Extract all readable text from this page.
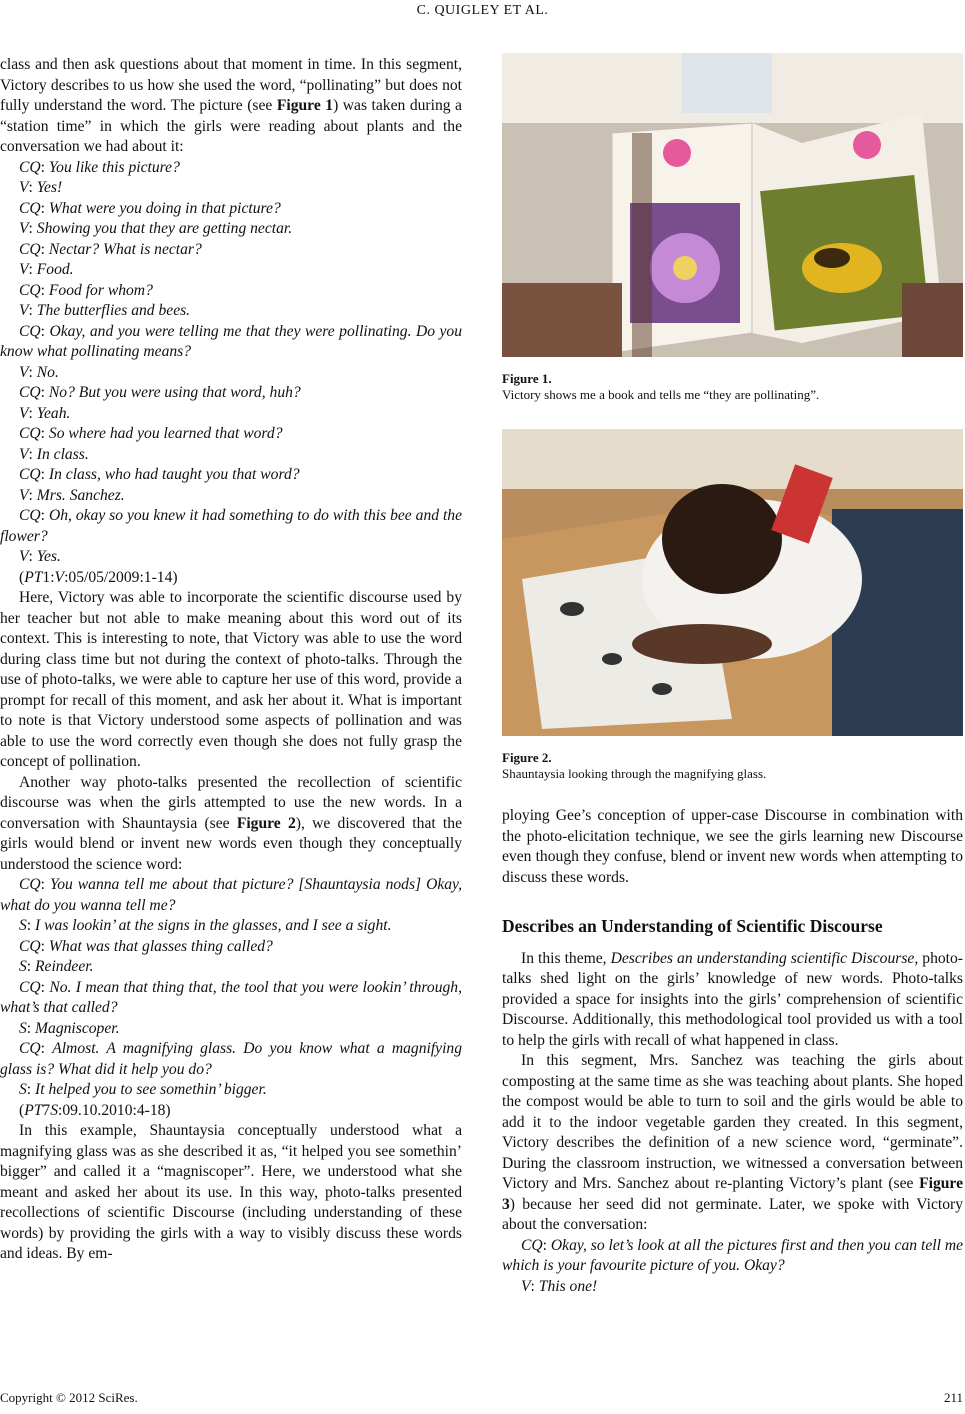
C. QUIGLEY ET AL.

class and then ask questions about that moment in time. In this segment, Victory describes to us how she used the word, “pollinating” but does not fully understand the word. The picture (see Figure 1) was taken during a “station time” in which the girls were reading about plants and the conversation we had about it:

CQ : You like this picture?
V : Yes!
CQ : What were you doing in that picture?
V : Showing you that they are getting nectar.
CQ : Nectar? What is nectar?
V : Food.
CQ : Food for whom?
V : The butterflies and bees.
CQ : Okay, and you were telling me that they were pollinating. Do you know what pollinating means?
V : No.
CQ : No? But you were using that word, huh?
V : Yeah.
CQ : So where had you learned that word?
V : In class.
CQ : In class, who had taught you that word?
V : Mrs. Sanchez.
CQ : Oh, okay so you knew it had something to do with this bee and the flower?
V : Yes.

(PT1:V:05/05/2009:1-14)

Here, Victory was able to incorporate the scientific discourse used by her teacher but not able to make meaning about this word out of its context. This is interesting to note, that Victory was able to use the word during class time but not during the context of photo-talks. Through the use of photo-talks, we were able to capture her use of this word, provide a prompt for recall of this moment, and ask her about it. What is important to note is that Victory understood some aspects of pollination and was able to use the word correctly even though she does not fully grasp the concept of pollination.

Another way photo-talks presented the recollection of scientific discourse was when the girls attempted to use the new words. In a conversation with Shauntaysia (see Figure 2), we discovered that the girls would blend or invent new words even though they conceptually understood the science word:

CQ : You wanna tell me about that picture? [Shauntaysia nods] Okay, what do you wanna tell me?
S : I was lookin’ at the signs in the glasses, and I see a sight.
CQ : What was that glasses thing called?
S : Reindeer.
CQ : No. I mean that thing that, the tool that you were lookin’ through, what’s that called?
S : Magniscoper.
CQ : Almost. A magnifying glass. Do you know what a magnifying glass is? What did it help you do?
S : It helped you to see somethin’ bigger.

(PT7S:09.10.2010:4-18)

In this example, Shauntaysia conceptually understood what a magnifying glass was as she described it as, “it helped you see somethin’ bigger” and called it a “magniscoper”. Here, we understood what she meant and asked her about its use. In this way, photo-talks presented recollections of scientific Discourse (including understanding of these words) by providing the girls with a way to visibly discuss these words and ideas. By em-

Figure 1.
Victory shows me a book and tells me “they are pollinating”.
Figure 2.
Shauntaysia looking through the magnifying glass.

ploying Gee’s conception of upper-case Discourse in combination with the photo-elicitation technique, we see the girls learning new Discourse even though they confuse, blend or invent new words when attempting to discuss these words.

Describes an Understanding of Scientific Discourse

In this theme, Describes an understanding scientific Discourse, photo-talks shed light on the girls’ knowledge of new words. Photo-talks provided a space for insights into the girls’ comprehension of scientific Discourse. Additionally, this methodological tool provided us with a tool to help the girls with recall of what happened in class.

In this segment, Mrs. Sanchez was teaching the girls about composting at the same time as she was teaching about plants. She hoped the compost would be able to turn to soil and the girls would be able to add it to the indoor vegetable garden they created. In this segment, Victory describes the definition of a new science word, “germinate”. During the classroom instruction, we witnessed a conversation between Victory and Mrs. Sanchez about re-planting Victory’s plant (see Figure 3) because her seed did not germinate. Later, we spoke with Victory about the conversation:

CQ : Okay, so let’s look at all the pictures first and then you can tell me which is your favourite picture of you. Okay?
V : This one!
Copyright © 2012 SciRes.	211
